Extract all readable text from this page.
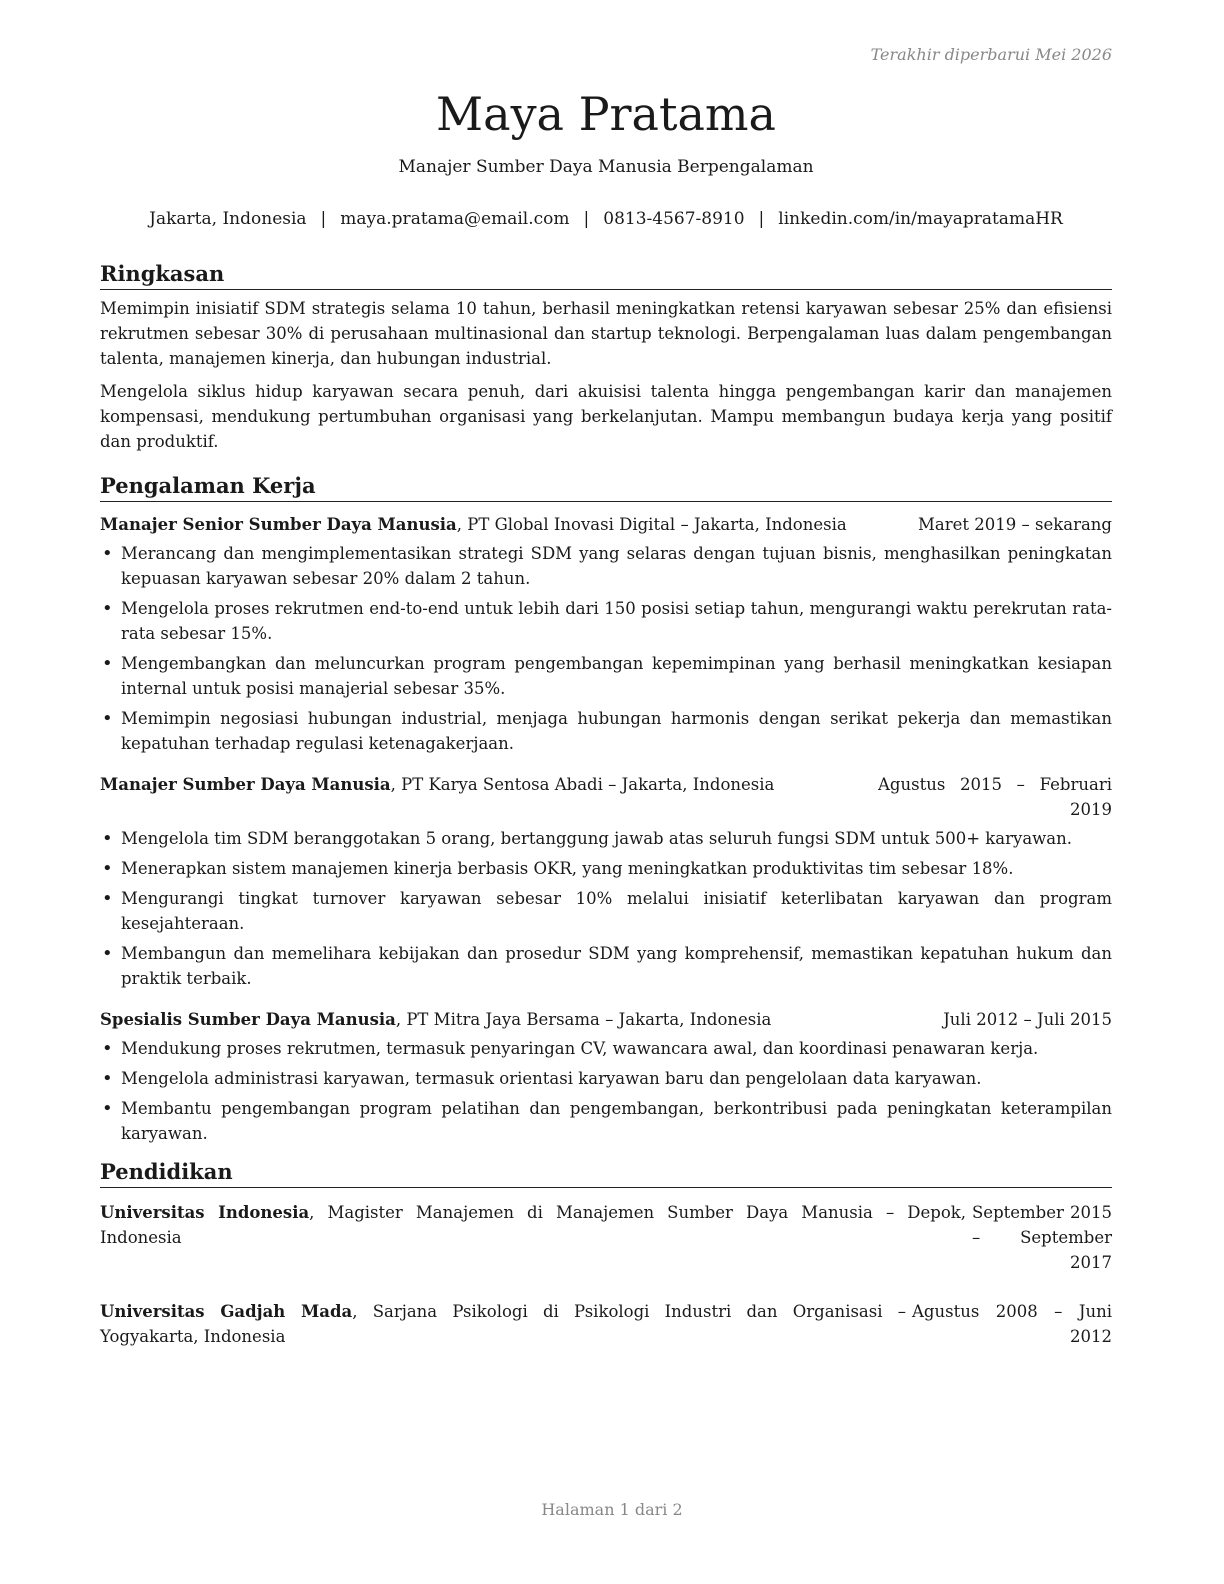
Terakhir diperbarui Mei 2026
Maya Pratama
Manajer Sumber Daya Manusia Berpengalaman
Jakarta, Indonesia | maya.pratama@email.com | 0813-4567-8910 | linkedin.com/in/mayapratamaHR
Ringkasan

Memimpin inisiatif SDM strategis selama 10 tahun, berhasil meningkatkan retensi karyawan sebesar 25% dan efisiensi rekrutmen sebesar 30% di perusahaan multinasional dan startup teknologi. Berpengalaman luas dalam pengembangan talenta, manajemen kinerja, dan hubungan industrial.

Mengelola siklus hidup karyawan secara penuh, dari akuisisi talenta hingga pengembangan karir dan manajemen kompensasi, mendukung pertumbuhan organisasi yang berkelanjutan. Mampu membangun budaya kerja yang positif dan produktif.

Pengalaman Kerja
Manajer Senior Sumber Daya Manusia, PT Global Inovasi Digital – Jakarta, Indonesia	Maret 2019 – sekarang
• Merancang dan mengimplementasikan strategi SDM yang selaras dengan tujuan bisnis, menghasilkan peningkatan kepuasan karyawan sebesar 20% dalam 2 tahun.
• Mengelola proses rekrutmen end-to-end untuk lebih dari 150 posisi setiap tahun, mengurangi waktu perekrutan rata-rata sebesar 15%.
• Mengembangkan dan meluncurkan program pengembangan kepemimpinan yang berhasil meningkatkan kesiapan internal untuk posisi manajerial sebesar 35%.
• Memimpin negosiasi hubungan industrial, menjaga hubungan harmonis dengan serikat pekerja dan memastikan kepatuhan terhadap regulasi ketenagakerjaan.
Manajer Sumber Daya Manusia, PT Karya Sentosa Abadi – Jakarta, Indonesia	Agustus 2015 – Februari 2019
• Mengelola tim SDM beranggotakan 5 orang, bertanggung jawab atas seluruh fungsi SDM untuk 500+ karyawan.
• Menerapkan sistem manajemen kinerja berbasis OKR, yang meningkatkan produktivitas tim sebesar 18%.
• Mengurangi tingkat turnover karyawan sebesar 10% melalui inisiatif keterlibatan karyawan dan program kesejahteraan.
• Membangun dan memelihara kebijakan dan prosedur SDM yang komprehensif, memastikan kepatuhan hukum dan praktik terbaik.
Spesialis Sumber Daya Manusia, PT Mitra Jaya Bersama – Jakarta, Indonesia	Juli 2012 – Juli 2015
• Mendukung proses rekrutmen, termasuk penyaringan CV, wawancara awal, dan koordinasi penawaran kerja.
• Mengelola administrasi karyawan, termasuk orientasi karyawan baru dan pengelolaan data karyawan.
• Membantu pengembangan program pelatihan dan pengembangan, berkontribusi pada peningkatan keterampilan karyawan.
Pendidikan
Universitas Indonesia, Magister Manajemen di Manajemen Sumber Daya Manusia – Depok, Indonesia
September 2015 – September 2017
Universitas Gadjah Mada, Sarjana Psikologi di Psikologi Industri dan Organisasi – Yogyakarta, Indonesia
Agustus 2008 – Juni 2012
Halaman 1 dari 2
